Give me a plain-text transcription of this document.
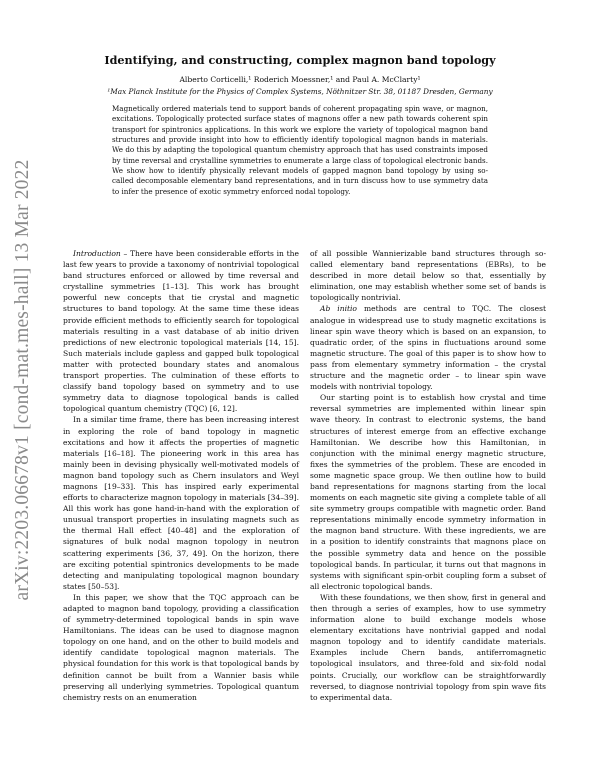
arXiv:2203.06678v1 [cond-mat.mes-hall] 13 Mar 2022
Identifying, and constructing, complex magnon band topology
Alberto Corticelli,¹ Roderich Moessner,¹ and Paul A. McClarty¹
¹Max Planck Institute for the Physics of Complex Systems, Nöthnitzer Str. 38, 01187 Dresden, Germany

Magnetically ordered materials tend to support bands of coherent propagating spin wave, or magnon, excitations. Topologically protected surface states of magnons offer a new path towards coherent spin transport for spintronics applications. In this work we explore the variety of topological magnon band structures and provide insight into how to efficiently identify topological magnon bands in materials. We do this by adapting the topological quantum chemistry approach that has used constraints imposed by time reversal and crystalline symmetries to enumerate a large class of topological electronic bands. We show how to identify physically relevant models of gapped magnon band topology by using so-called decomposable elementary band representations, and in turn discuss how to use symmetry data to infer the presence of exotic symmetry enforced nodal topology.

Introduction – There have been considerable efforts in the last few years to provide a taxonomy of nontrivial topological band structures enforced or allowed by time reversal and crystalline symmetries [1–13]. This work has brought powerful new concepts that tie crystal and magnetic structures to band topology. At the same time these ideas provide efficient methods to efficiently search for topological materials resulting in a vast database of ab initio driven predictions of new electronic topological materials [14, 15]. Such materials include gapless and gapped bulk topological matter with protected boundary states and anomalous transport properties. The culmination of these efforts to classify band topology based on symmetry and to use symmetry data to diagnose topological bands is called topological quantum chemistry (TQC) [6, 12].

In a similar time frame, there has been increasing interest in exploring the role of band topology in magnetic excitations and how it affects the properties of magnetic materials [16–18]. The pioneering work in this area has mainly been in devising physically well-motivated models of magnon band topology such as Chern insulators and Weyl magnons [19–33]. This has inspired early experimental efforts to characterize magnon topology in materials [34–39]. All this work has gone hand-in-hand with the exploration of unusual transport properties in insulating magnets such as the thermal Hall effect [40–48] and the exploration of signatures of bulk nodal magnon topology in neutron scattering experiments [36, 37, 49]. On the horizon, there are exciting potential spintronics developments to be made detecting and manipulating topological magnon boundary states [50–53].

In this paper, we show that the TQC approach can be adapted to magnon band topology, providing a classification of symmetry-determined topological bands in spin wave Hamiltonians. The ideas can be used to diagnose magnon topology on one hand, and on the other to build models and identify candidate topological magnon materials. The physical foundation for this work is that topological bands by definition cannot be built from a Wannier basis while preserving all underlying symmetries. Topological quantum chemistry rests on an enumeration

of all possible Wannierizable band structures through so-called elementary band representations (EBRs), to be described in more detail below so that, essentially by elimination, one may establish whether some set of bands is topologically nontrivial.

Ab initio methods are central to TQC. The closest analogue in widespread use to study magnetic excitations is linear spin wave theory which is based on an expansion, to quadratic order, of the spins in fluctuations around some magnetic structure. The goal of this paper is to show how to pass from elementary symmetry information – the crystal structure and the magnetic order – to linear spin wave models with nontrivial topology.

Our starting point is to establish how crystal and time reversal symmetries are implemented within linear spin wave theory. In contrast to electronic systems, the band structures of interest emerge from an effective exchange Hamiltonian. We describe how this Hamiltonian, in conjunction with the minimal energy magnetic structure, fixes the symmetries of the problem. These are encoded in some magnetic space group. We then outline how to build band representations for magnons starting from the local moments on each magnetic site giving a complete table of all site symmetry groups compatible with magnetic order. Band representations minimally encode symmetry information in the magnon band structure. With these ingredients, we are in a position to identify constraints that magnons place on the possible symmetry data and hence on the possible topological bands. In particular, it turns out that magnons in systems with significant spin-orbit coupling form a subset of all electronic topological bands.

With these foundations, we then show, first in general and then through a series of examples, how to use symmetry information alone to build exchange models whose elementary excitations have nontrivial gapped and nodal magnon topology and to identify candidate materials. Examples include Chern bands, antiferromagnetic topological insulators, and three-fold and six-fold nodal points. Crucially, our workflow can be straightforwardly reversed, to diagnose nontrivial topology from spin wave fits to experimental data.
